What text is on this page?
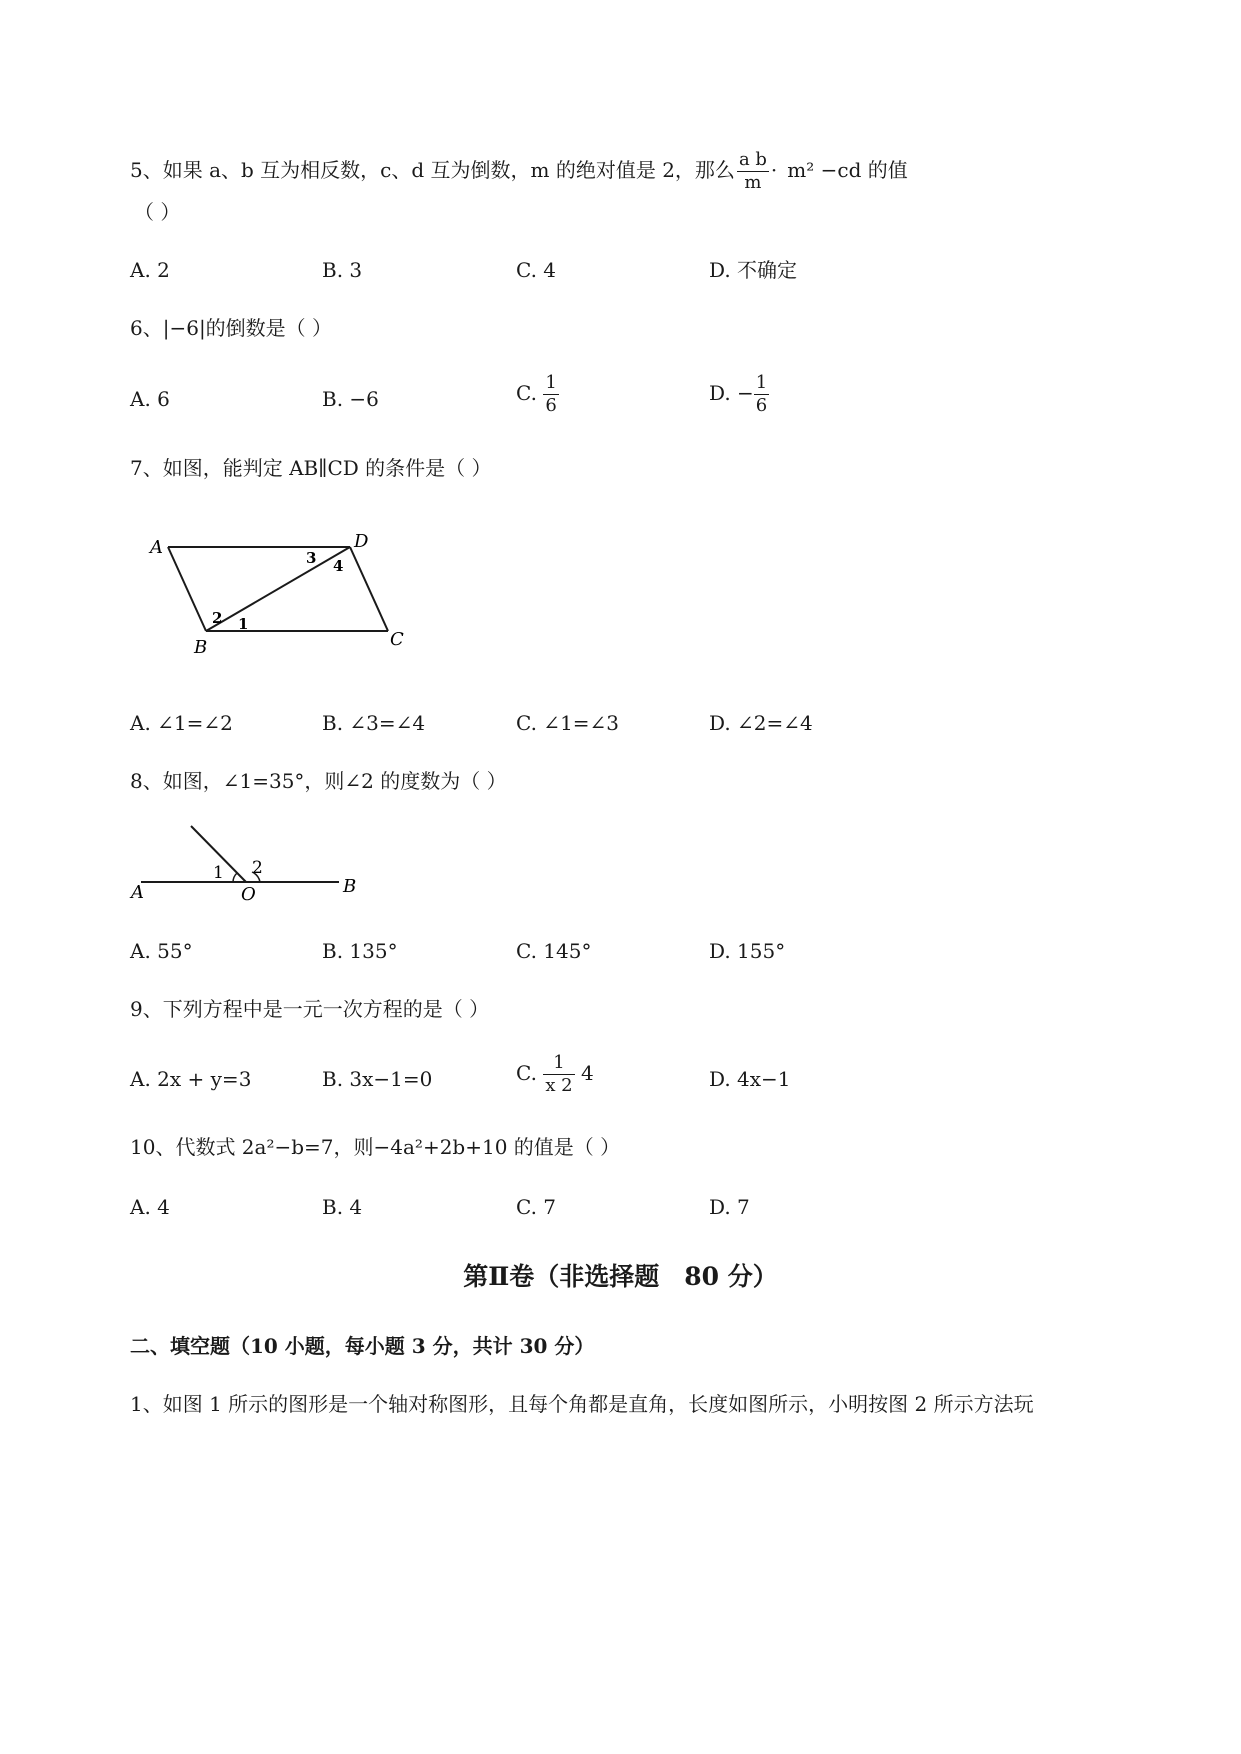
5、如果 a、b 互为相反数，c、d 互为倒数，m 的绝对值是 2，那么 $\frac{\text{a b}}{m} \cdot m^2 -cd$ 的值
（ ）
A. 2	B. 3	C. 4	D. 不确定
6、|−6|的倒数是（ ）
A. 6	B. −6	C. $\frac{1}{6}$	D. − $\frac{1}{6}$
7、如图，能判定 AB∥CD 的条件是（ ）
A	D
B	C
1
2
3 4
A. ∠1=∠2	B. ∠3=∠4	C. ∠1=∠3	D. ∠2=∠4
8、如图，∠1=35°，则∠2 的度数为（ ）
A	O	B
1 2
A. 55°	B. 135°	C. 145°	D. 155°
9、下列方程中是一元一次方程的是（ ）
A. 2x + y=3	B. 3x−1=0	C. $\frac{1}{x 2} 4$	D. 4x−1
10、代数式 2a²−b=7，则−4a²+2b+10 的值是（ ）
A. 4	B. 4	C. 7	D. 7
第Ⅱ卷（非选择题　80 分）
二、填空题（10 小题，每小题 3 分，共计 30 分）
1、如图 1 所示的图形是一个轴对称图形，且每个角都是直角，长度如图所示，小明按图 2 所示方法玩
